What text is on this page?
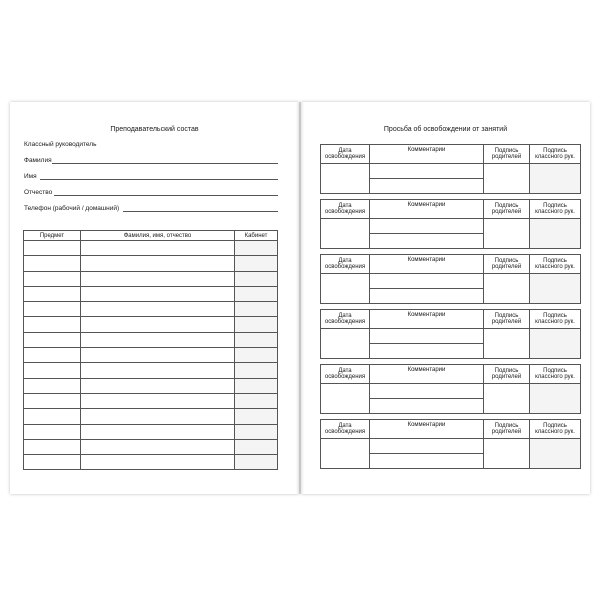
Преподавательский состав	Просьба об освобождении от занятий
Классный руководитель
Фамилия
Имя
Отчество
Телефон (рабочий / домашний)
Предмет	Фамилия, имя, отчество	Кабинет

Дата освобождения	Комментарии	Подпись родителей	Подпись классного рук.

Дата освобождения	Комментарии	Подпись родителей	Подпись классного рук.

Дата освобождения	Комментарии	Подпись родителей	Подпись классного рук.

Дата освобождения	Комментарии	Подпись родителей	Подпись классного рук.

Дата освобождения	Комментарии	Подпись родителей	Подпись классного рук.

Дата освобождения	Комментарии	Подпись родителей	Подпись классного рук.
